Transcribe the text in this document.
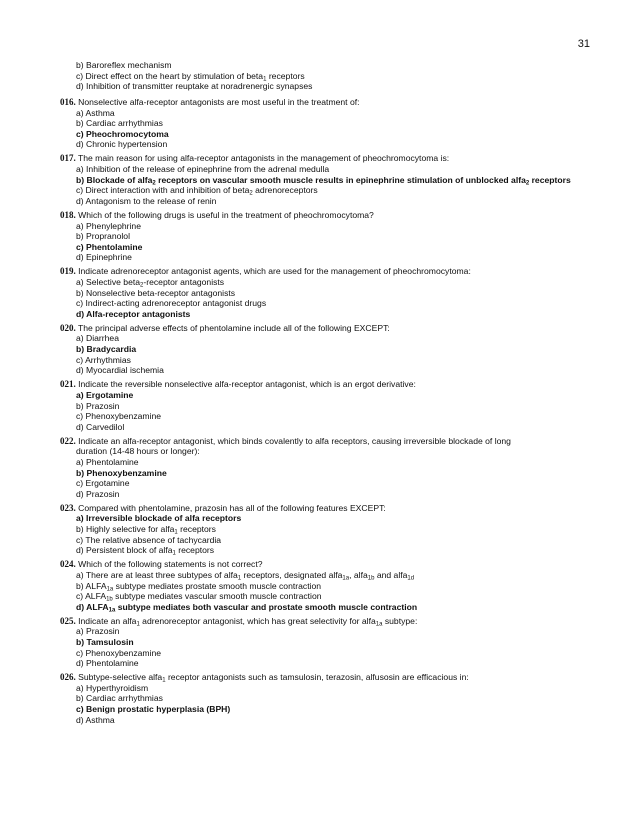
31
b) Baroreflex mechanism
c) Direct effect on the heart by stimulation of beta$_1$ receptors
d) Inhibition of transmitter reuptake at noradrenergic synapses
016. Nonselective alfa-receptor antagonists are most useful in the treatment of:
a) Asthma
b) Cardiac arrhythmias
c) Pheochromocytoma
d) Chronic hypertension
017. The main reason for using alfa-receptor antagonists in the management of pheochromocytoma is:
a) Inhibition of the release of epinephrine from the adrenal medulla
b) Blockade of alfa$_2$ receptors on vascular smooth muscle results in epinephrine stimulation of unblocked alfa$_2$ receptors
c) Direct interaction with and inhibition of beta$_2$ adrenoreceptors
d) Antagonism to the release of renin
018. Which of the following drugs is useful in the treatment of pheochromocytoma?
a) Phenylephrine
b) Propranolol
c) Phentolamine
d) Epinephrine
019. Indicate adrenoreceptor antagonist agents, which are used for the management of pheochromocytoma:
a) Selective beta$_2$-receptor antagonists
b) Nonselective beta-receptor antagonists
c) Indirect-acting adrenoreceptor antagonist drugs
d) Alfa-receptor antagonists
020. The principal adverse effects of phentolamine include all of the following EXCEPT:
a) Diarrhea
b) Bradycardia
c) Arrhythmias
d) Myocardial ischemia
021. Indicate the reversible nonselective alfa-receptor antagonist, which is an ergot derivative:
a) Ergotamine
b) Prazosin
c) Phenoxybenzamine
d) Carvedilol
022. Indicate an alfa-receptor antagonist, which binds covalently to alfa receptors, causing irreversible blockade of long
duration (14-48 hours or longer):
a) Phentolamine
b) Phenoxybenzamine
c) Ergotamine
d) Prazosin
023. Compared with phentolamine, prazosin has all of the following features EXCEPT:
a) Irreversible blockade of alfa receptors
b) Highly selective for alfa$_1$ receptors
c) The relative absence of tachycardia
d) Persistent block of alfa$_1$ receptors
024. Which of the following statements is not correct?
a) There are at least three subtypes of alfa$_1$ receptors, designated alfa$_{1a}$, alfa$_{1b}$ and alfa$_{1d}$
b) $ALFA_{1a}$ subtype mediates prostate smooth muscle contraction
c) $ALFA_{1b}$ subtype mediates vascular smooth muscle contraction
d) $ALFA_{1a}$ subtype mediates both vascular and prostate smooth muscle contraction
025. Indicate an alfa$_1$ adrenoreceptor antagonist, which has great selectivity for alfa$_{1a}$ subtype:
a) Prazosin
b) Tamsulosin
c) Phenoxybenzamine
d) Phentolamine
026. Subtype-selective alfa$_1$ receptor antagonists such as tamsulosin, terazosin, alfusosin are efficacious in:
a) Hyperthyroidism
b) Cardiac arrhythmias
c) Benign prostatic hyperplasia (BPH)
d) Asthma
